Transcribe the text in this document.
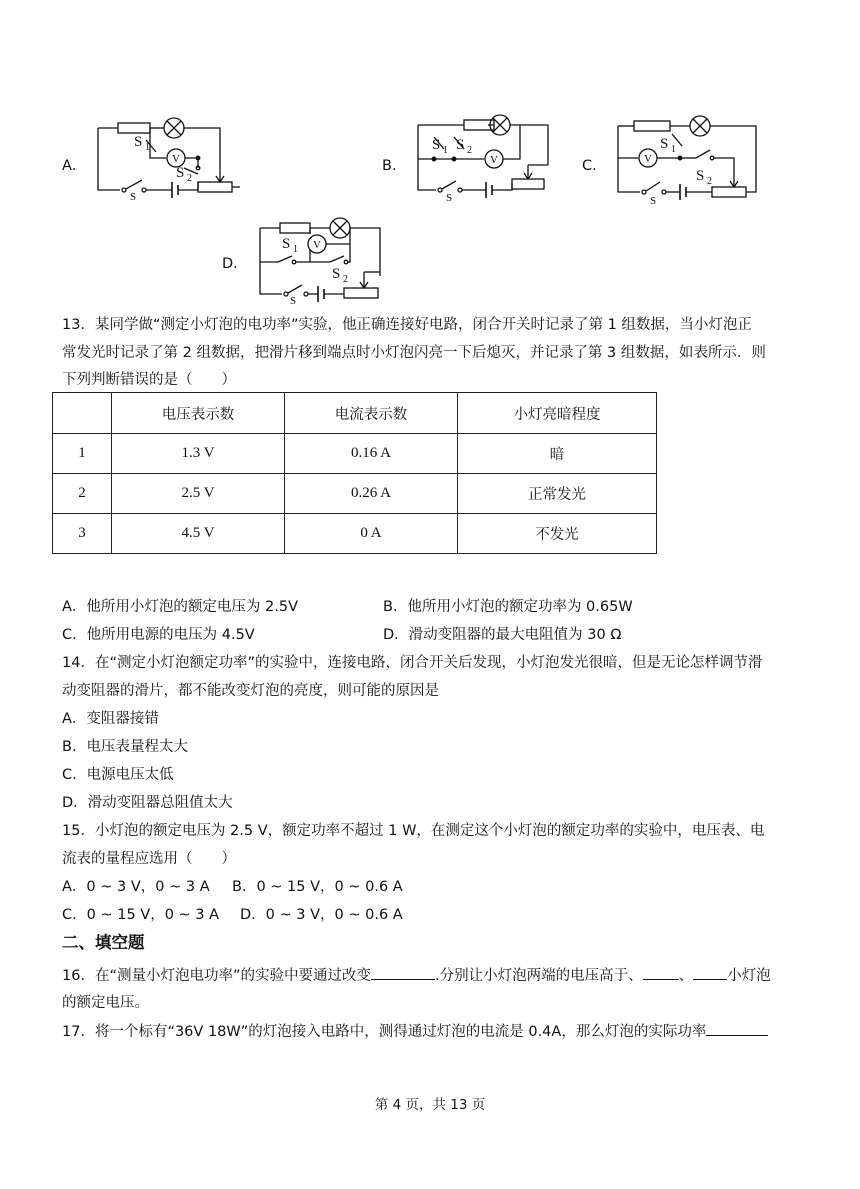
A．
S 1
V
S 2
S
B．
S 1 S 2
V
S
C．	V
S 1
S 2
S
D．
S 1 V
S 2
S
13．某同学做“测定小灯泡的电功率”实验，他正确连接好电路，闭合开关时记录了第 1 组数据，当小灯泡正
常发光时记录了第 2 组数据，把滑片移到端点时小灯泡闪亮一下后熄灭，并记录了第 3 组数据，如表所示．则
下列判断错误的是（　　）
	电压表示数	电流表示数	小灯亮暗程度
1	1.3 V	0.16 A	暗
2	2.5 V	0.26 A	正常发光
3	4.5 V	0 A	不发光
A．他所用小灯泡的额定电压为 2.5V	B．他所用小灯泡的额定功率为 0.65W
C．他所用电源的电压为 4.5V	D．滑动变阻器的最大电阻值为 30 Ω
14．在“测定小灯泡额定功率”的实验中，连接电路，闭合开关后发现，小灯泡发光很暗，但是无论怎样调节滑
动变阻器的滑片，都不能改变灯泡的亮度，则可能的原因是
A．变阻器接错
B．电压表量程太大
C．电源电压太低
D．滑动变阻器总阻值太大
15．小灯泡的额定电压为 2.5 V，额定功率不超过 1 W，在测定这个小灯泡的额定功率的实验中，电压表、电
流表的量程应选用（　　）
A．0 ~ 3 V，0 ~ 3 A B．0 ~ 15 V，0 ~ 0.6 A
C．0 ~ 15 V，0 ~ 3 A D．0 ~ 3 V，0 ~ 0.6 A
二、填空题
16．在“测量小灯泡电功率”的实验中要通过改变	.分别让小灯泡两端的电压高于、 、 小灯泡
的额定电压。
17．将一个标有“36V 18W”的灯泡接入电路中，测得通过灯泡的电流是 0.4A，那么灯泡的实际功率
第 4 页，共 13 页
